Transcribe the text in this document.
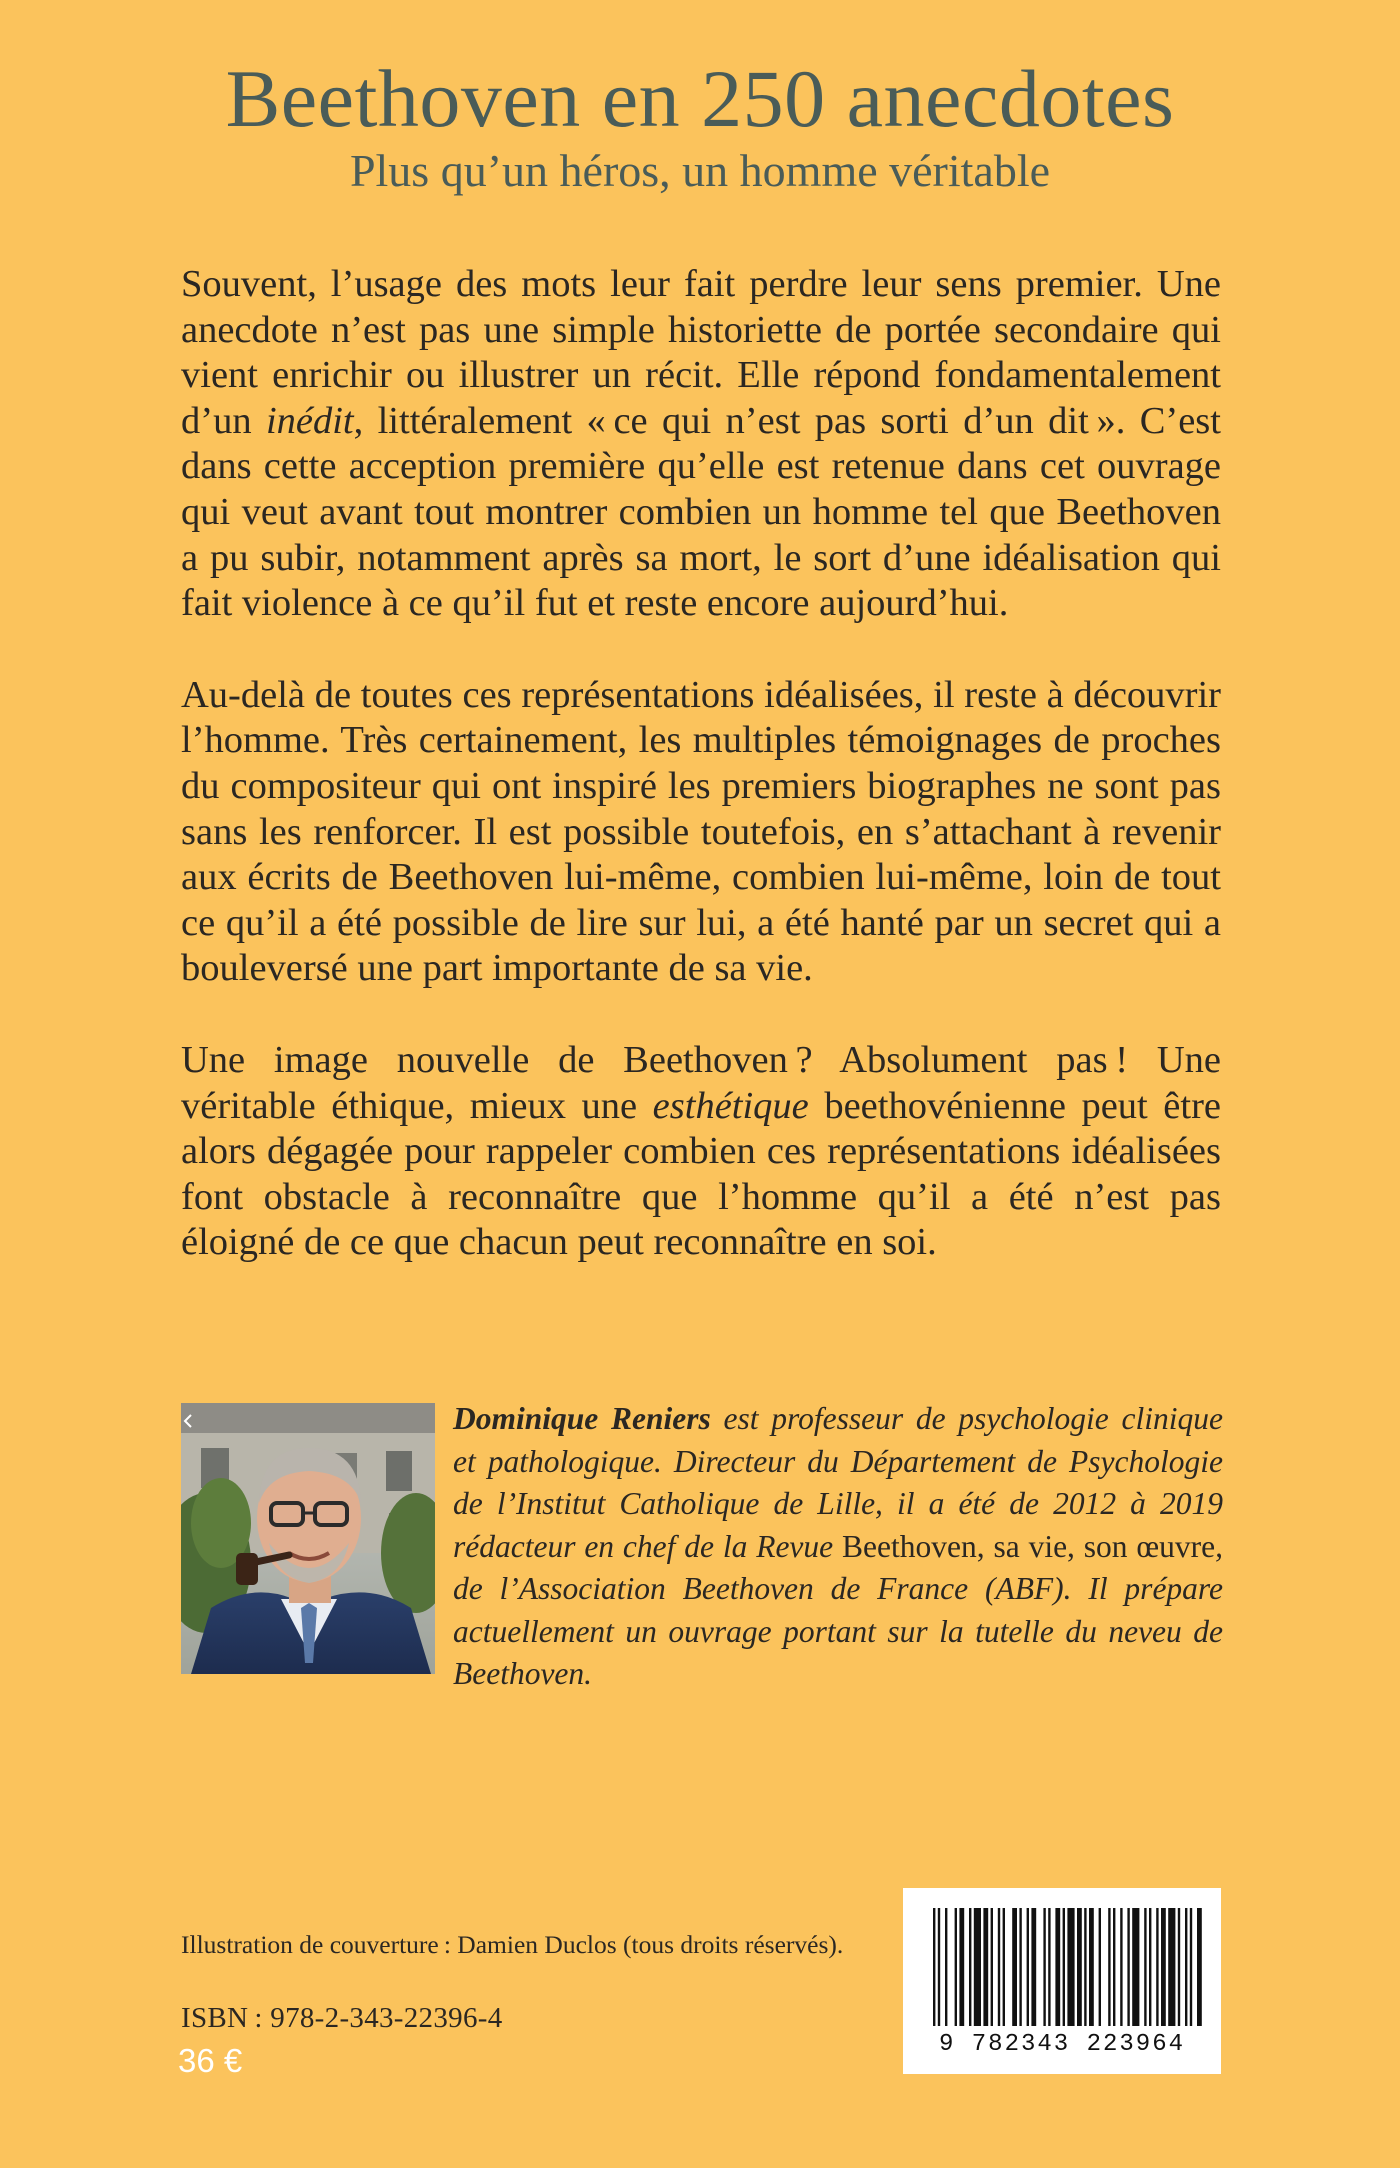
Beethoven en 250 anecdotes
Plus qu’un héros, un homme véritable

Souvent, l’usage des mots leur fait perdre leur sens premier. Une anecdote n’est pas une simple historiette de portée secondaire qui vient enrichir ou illustrer un récit. Elle répond fondamentalement d’un inédit, littéralement « ce qui n’est pas sorti d’un dit ». C’est dans cette acception première qu’elle est retenue dans cet ouvrage qui veut avant tout montrer combien un homme tel que Beethoven a pu subir, notamment après sa mort, le sort d’une idéalisation qui fait violence à ce qu’il fut et reste encore aujourd’hui.

Au-delà de toutes ces représentations idéalisées, il reste à découvrir l’homme. Très certainement, les multiples témoignages de proches du compositeur qui ont inspiré les premiers biographes ne sont pas sans les renforcer. Il est possible toutefois, en s’attachant à revenir aux écrits de Beethoven lui-même, combien lui-même, loin de tout ce qu’il a été possible de lire sur lui, a été hanté par un secret qui a bouleversé une part importante de sa vie.

Une image nouvelle de Beethoven ? Absolument pas ! Une véritable éthique, mieux une esthétique beethovénienne peut être alors dégagée pour rappeler combien ces représentations idéalisées font obstacle à reconnaître que l’homme qu’il a été n’est pas éloigné de ce que chacun peut reconnaître en soi.

Dominique Reniers est professeur de psychologie clinique et pathologique. Directeur du Département de Psychologie de l’Institut Catholique de Lille, il a été de 2012 à 2019 rédacteur en chef de la Revue Beethoven, sa vie, son œuvre, de l’Association Beethoven de France (ABF). Il prépare actuellement un ouvrage portant sur la tutelle du neveu de Beethoven.
Illustration de couverture : Damien Duclos (tous droits réservés).
ISBN : 978-2-343-22396-4
36 €	9 782343 223964
